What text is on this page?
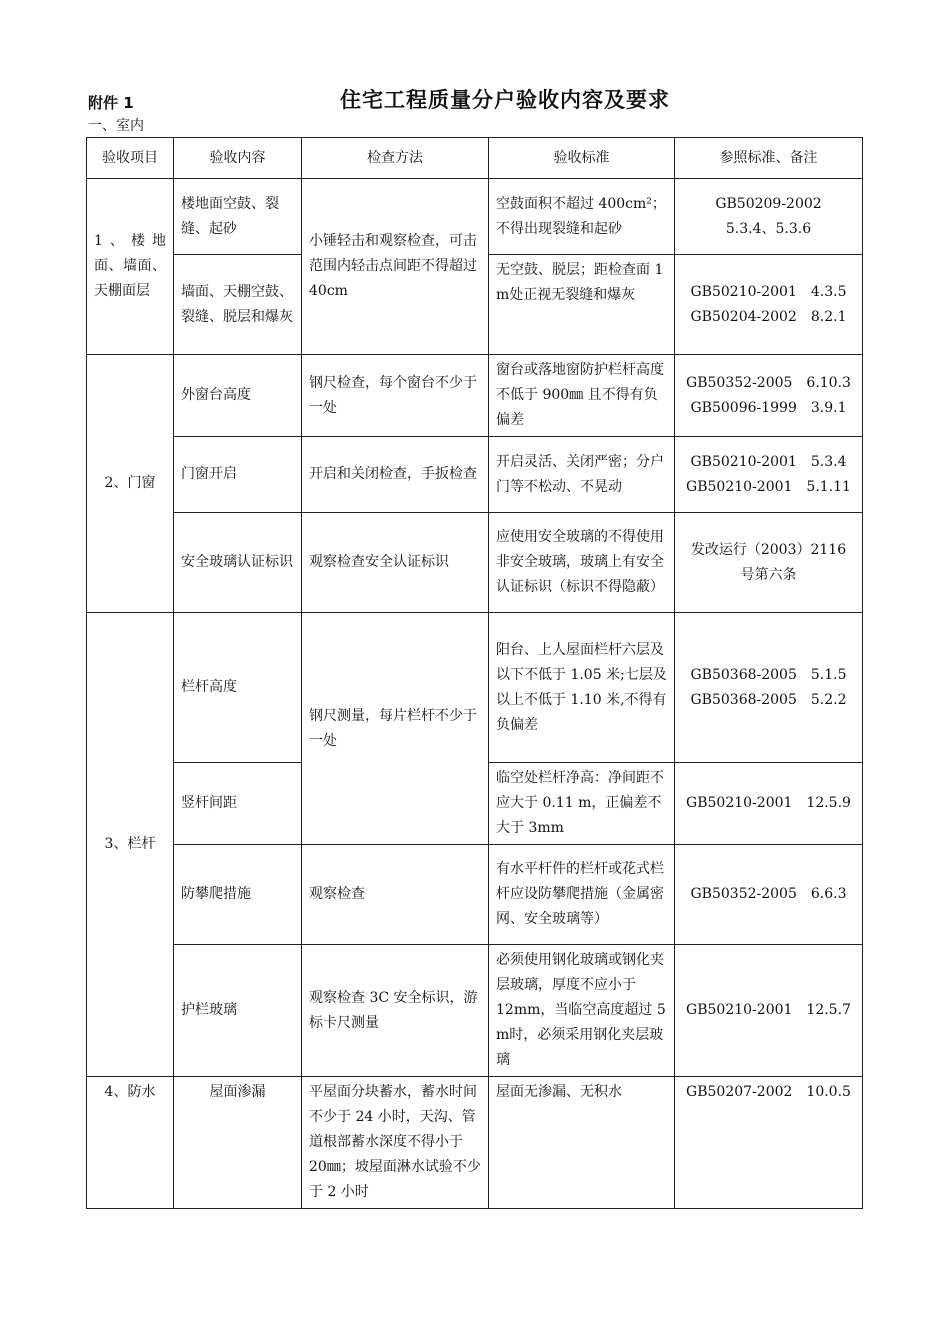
附件 1	住宅工程质量分户验收内容及要求
一、室内
验收项目	验收内容	检查方法	验收标准	参照标准、备注
1、楼地面、墙面、天棚面层	楼地面空鼓、裂缝、起砂	小锤轻击和观察检查，可击范围内轻击点间距不得超过 40cm	空鼓面积不超过 400cm²；不得出现裂缝和起砂	GB50209-2002
5.3.4、5.3.6

	墙面、天棚空鼓、裂缝、脱层和爆灰		无空鼓、脱层；距检查面 1 m处正视无裂缝和爆灰	GB50210-2001　4.3.5
GB50204-2002　8.2.1

2、门窗	外窗台高度	钢尺检查，每个窗台不少于一处	窗台或落地窗防护栏杆高度不低于 900㎜ 且不得有负偏差	GB50352-2005　6.10.3
GB50096-1999　3.9.1

	门窗开启	开启和关闭检查，手扳检查	开启灵活、关闭严密；分户门等不松动、不晃动	GB50210-2001　5.3.4
GB50210-2001　5.1.11

	安全玻璃认证标识	观察检查安全认证标识	应使用安全玻璃的不得使用非安全玻璃，玻璃上有安全认证标识（标识不得隐蔽）	发改运行（2003）2116
号第六条

3、栏杆	栏杆高度	钢尺测量，每片栏杆不少于一处	阳台、上人屋面栏杆六层及以下不低于 1.05 米;七层及以上不低于 1.10 米,不得有负偏差	GB50368-2005　5.1.5
GB50368-2005　5.2.2

	竖杆间距		临空处栏杆净高：净间距不应大于 0.11 m，正偏差不大于 3mm	GB50210-2001　12.5.9
	防攀爬措施	观察检查	有水平杆件的栏杆或花式栏杆应设防攀爬措施（金属密网、安全玻璃等）	GB50352-2005　6.6.3
	护栏玻璃	观察检查 3C 安全标识，游标卡尺测量	必须使用钢化玻璃或钢化夹层玻璃，厚度不应小于 12mm，当临空高度超过 5 m时，必须采用钢化夹层玻璃	GB50210-2001　12.5.7
4、防水	屋面渗漏	平屋面分块蓄水，蓄水时间不少于 24 小时，天沟、管道根部蓄水深度不得小于 20㎜；坡屋面淋水试验不少于 2 小时	屋面无渗漏、无积水	GB50207-2002　10.0.5
